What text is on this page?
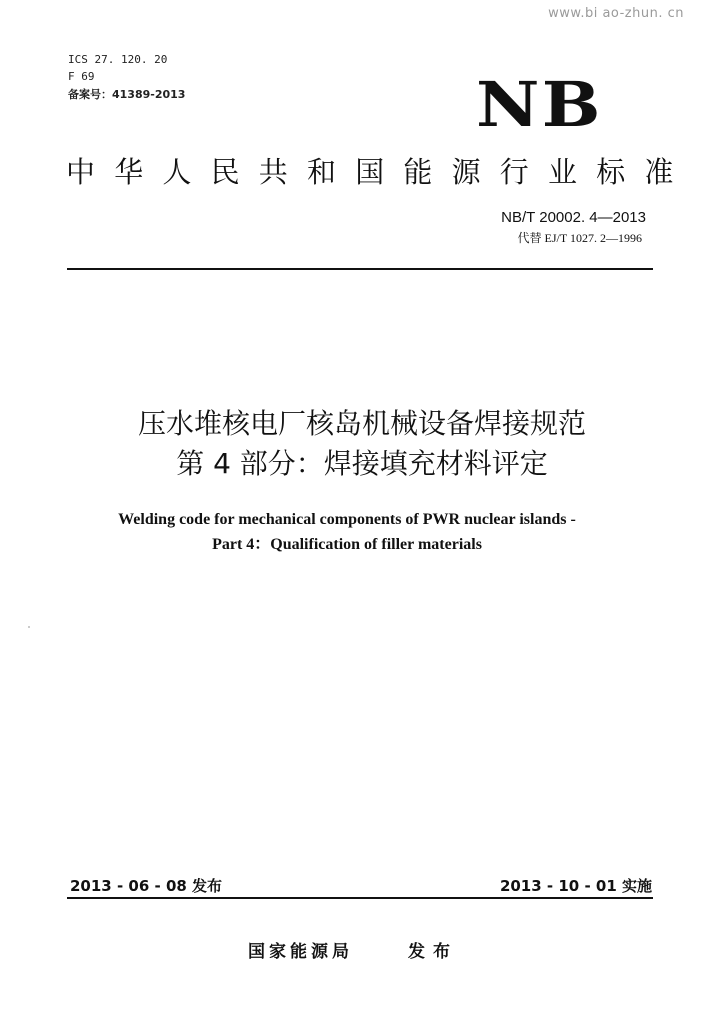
www.bi ao-zhun. cn
ICS 27. 120. 20
F 69
备案号：41389-2013	NB
中华人民共和国能源行业标准
NB/T 20002. 4—2013
代替 EJ/T 1027. 2—1996
压水堆核电厂核岛机械设备焊接规范
第 4 部分：焊接填充材料评定
Welding code for mechanical components of PWR nuclear islands -
Part 4：Qualification of filler materials
2013 - 06 - 08 发布	2013 - 10 - 01 实施
国家能源局	发布
